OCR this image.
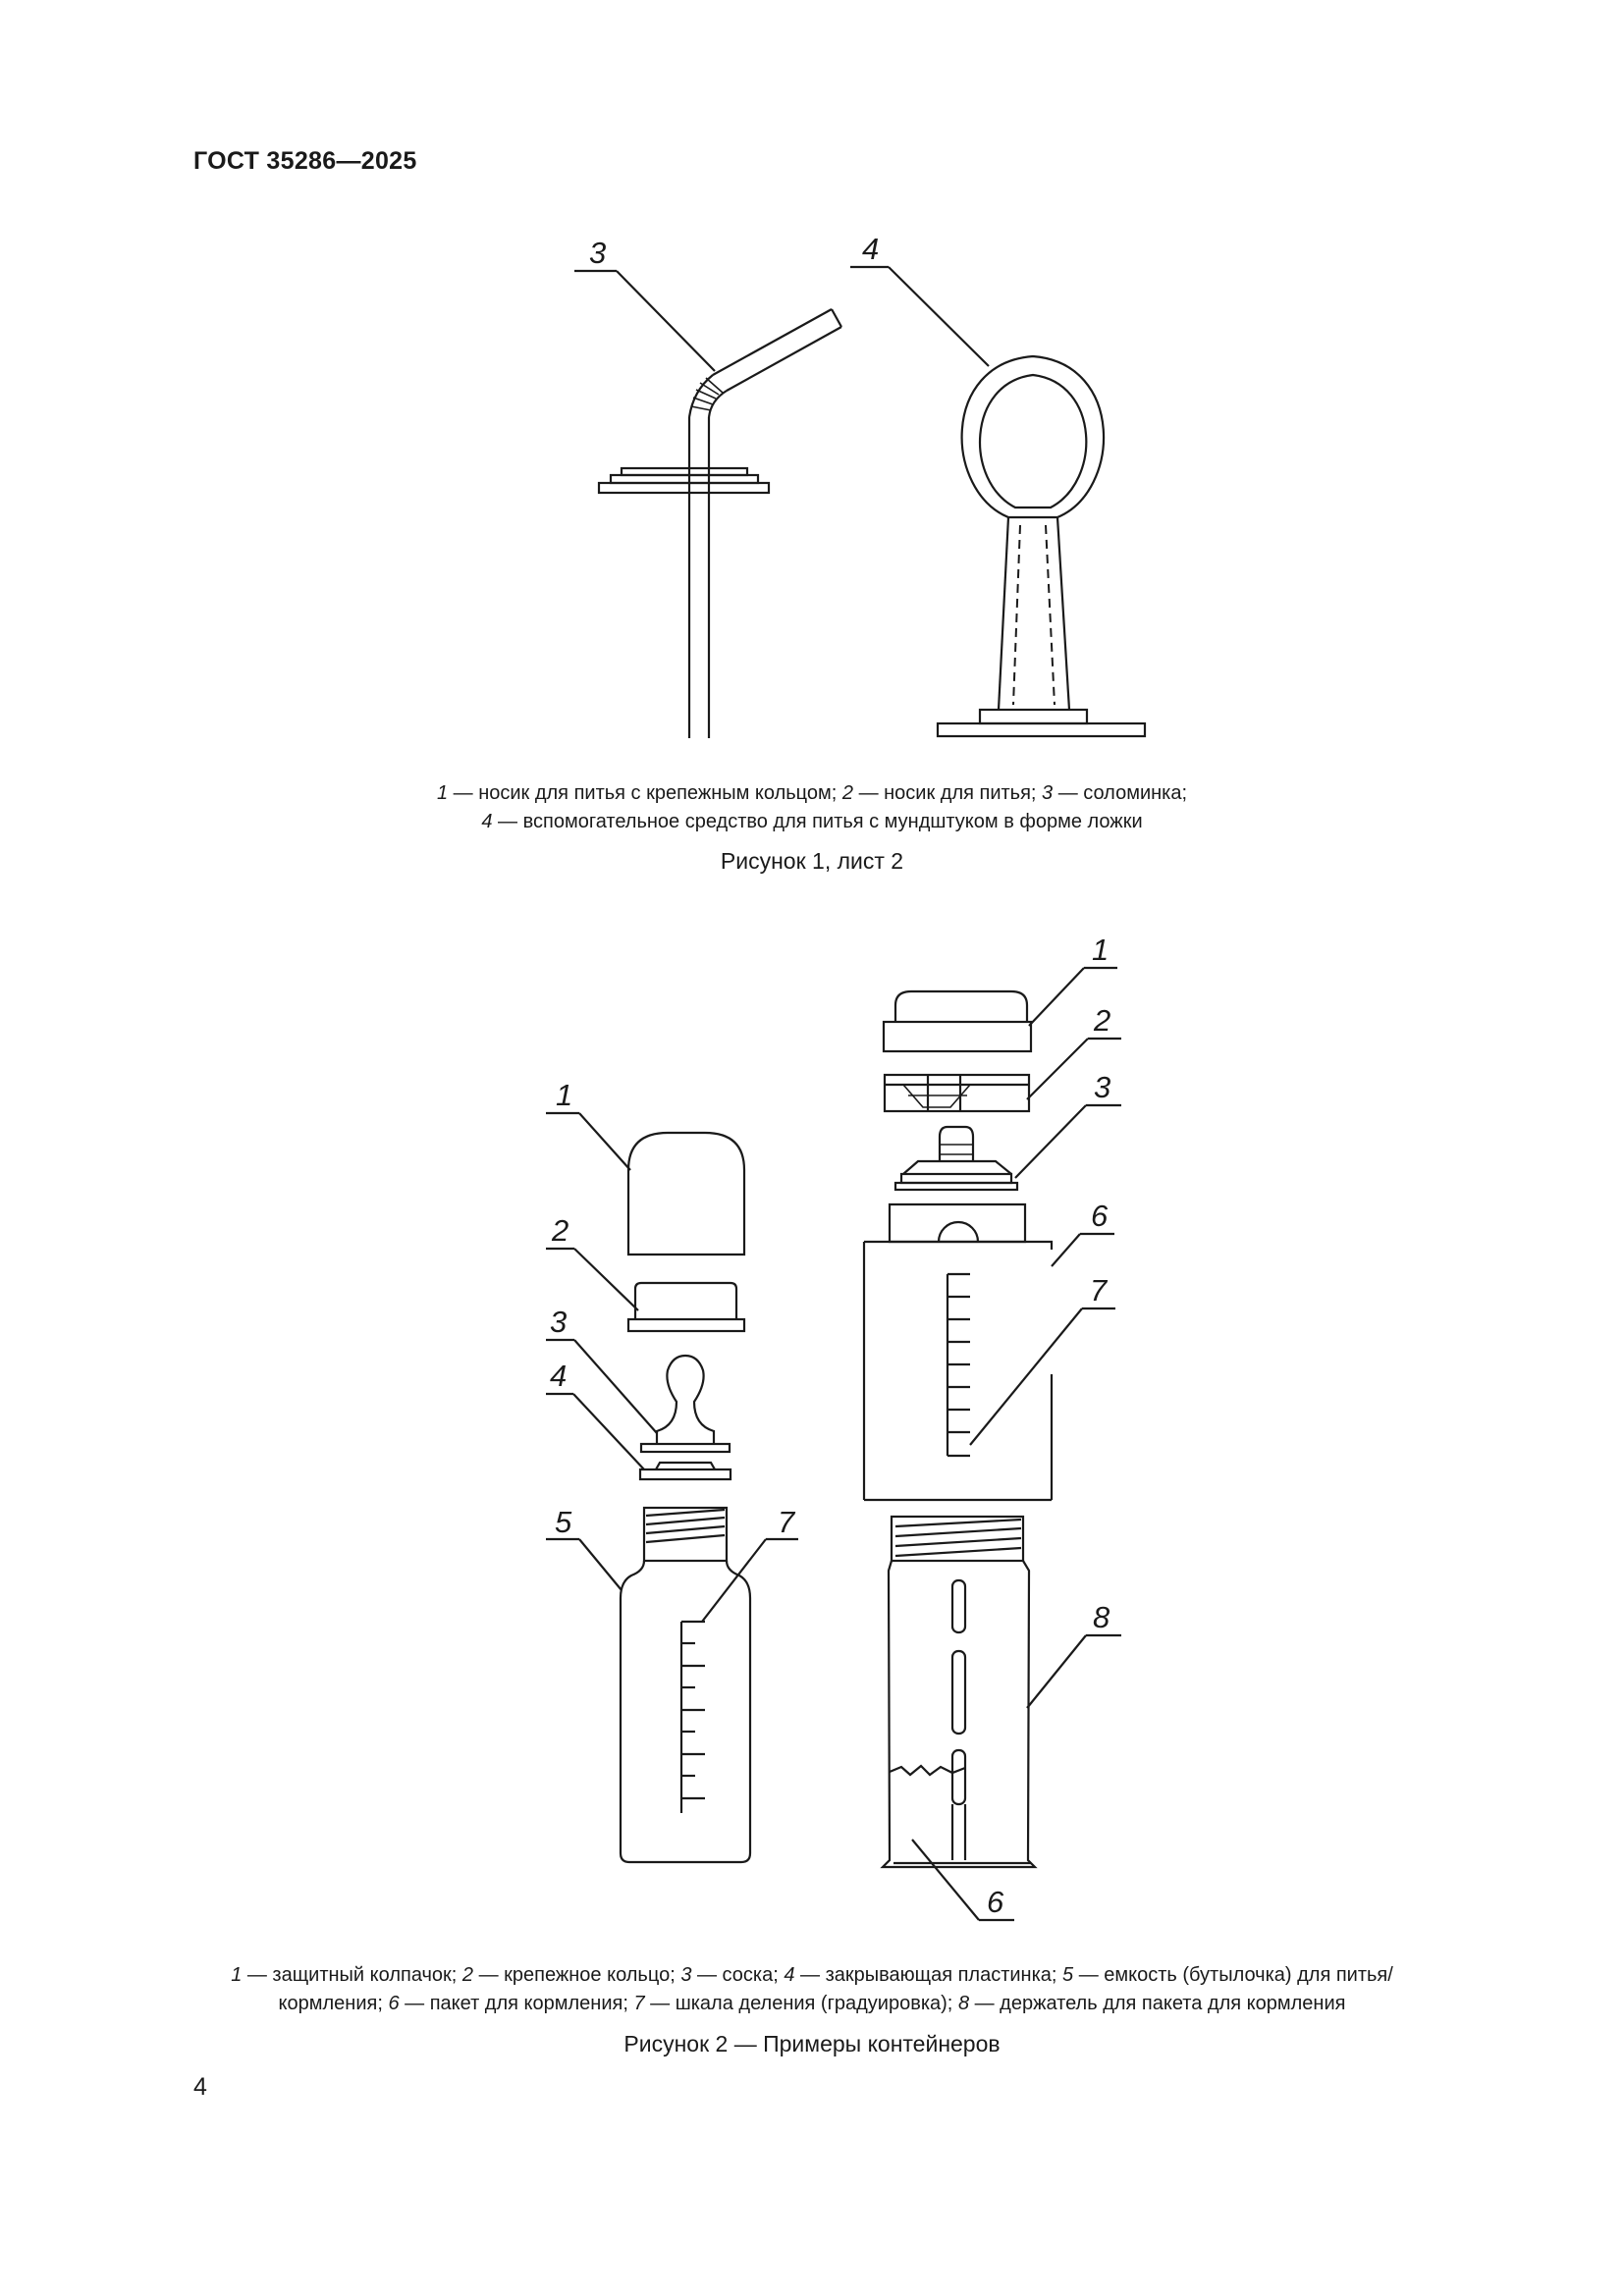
ГОСТ 35286—2025
3	4
1 — носик для питья с крепежным кольцом; 2 — носик для питья; 3 — соломинка;
4 — вспомогательное средство для питья с мундштуком в форме ложки
Рисунок 1, лист 2
1
2
3
4
5	7
1
2
3
6
7
8
6
1 — защитный колпачок; 2 — крепежное кольцо; 3 — соска; 4 — закрывающая пластинка; 5 — емкость (бутылочка) для питья/
кормления; 6 — пакет для кормления; 7 — шкала деления (градуировка); 8 — держатель для пакета для кормления
Рисунок 2 — Примеры контейнеров
4
